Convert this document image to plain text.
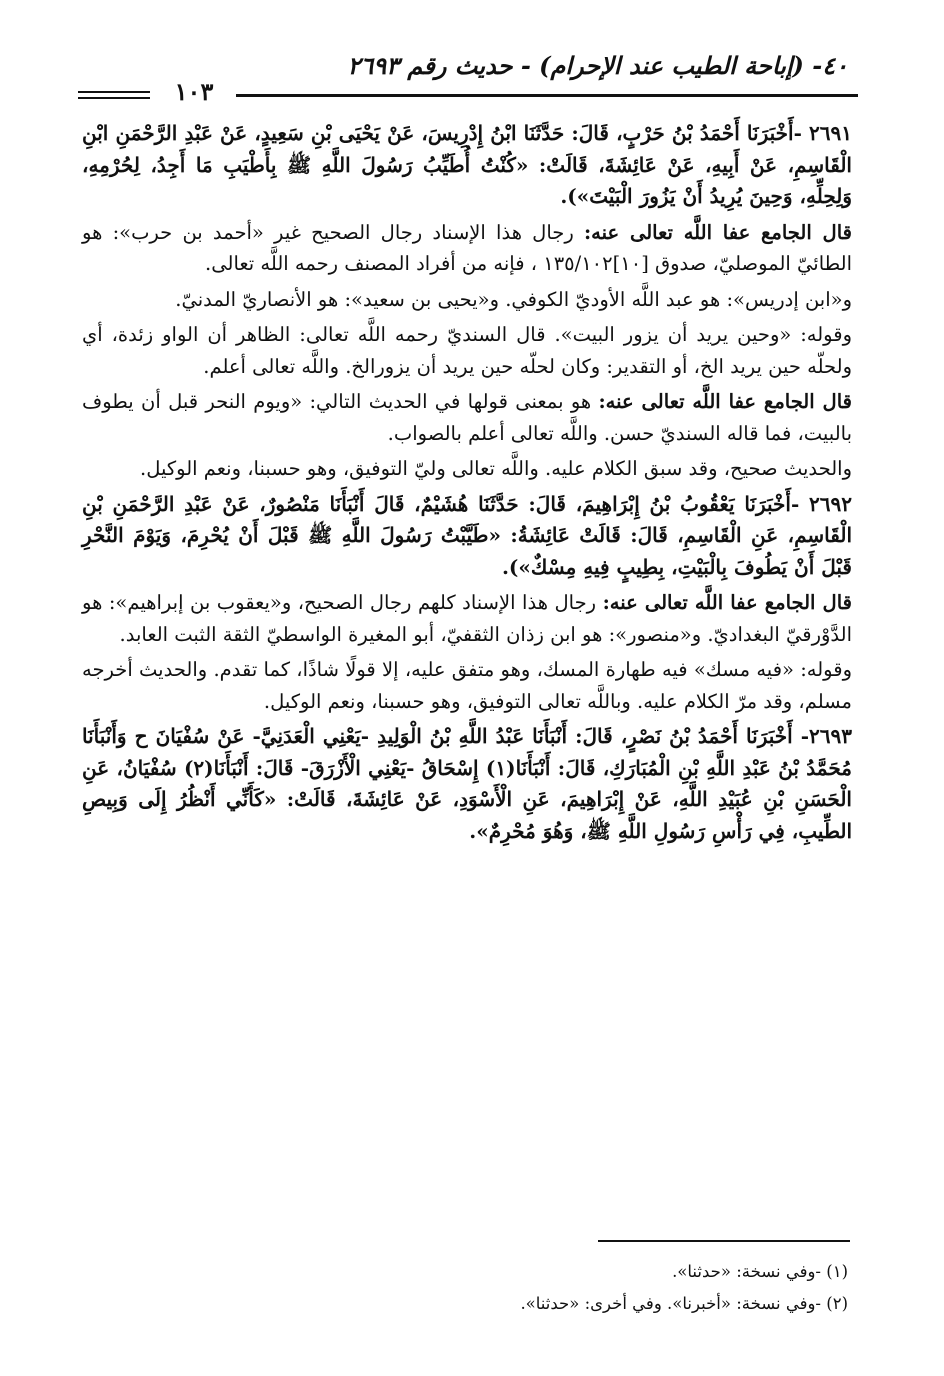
٤٠- (إباحة الطيب عند الإحرام) - حديث رقم ٢٦٩٣
١٠٣

٢٦٩١ -أَخْبَرَنَا أَحْمَدُ بْنُ حَرْبٍ، قَالَ: حَدَّثَنَا ابْنُ إِدْرِيسَ، عَنْ يَحْيَى بْنِ سَعِيدٍ، عَنْ عَبْدِ الرَّحْمَنِ ابْنِ الْقَاسِمِ، عَنْ أَبِيهِ، عَنْ عَائِشَةَ، قَالَتْ: «كُنْتُ أُطَيِّبُ رَسُولَ اللَّهِ ﷺ بِأَطْيَبِ مَا أَجِدُ، لِحُرْمِهِ، وَلِحِلِّهِ، وَحِينَ يُرِيدُ أَنْ يَزُورَ الْبَيْتَ»).

قال الجامع عفا اللَّه تعالى عنه: رجال هذا الإسناد رجال الصحيح غير «أحمد بن حرب»: هو الطائيّ الموصليّ، صدوق [١٠]١٣٥/١٠٢ ، فإنه من أفراد المصنف رحمه اللَّه تعالى.

و«ابن إدريس»: هو عبد اللَّه الأوديّ الكوفي. و«يحيى بن سعيد»: هو الأنصاريّ المدنيّ.

وقوله: «وحين يريد أن يزور البيت». قال السنديّ رحمه اللَّه تعالى: الظاهر أن الواو زئدة، أي ولحلّه حين يريد الخ، أو التقدير: وكان لحلّه حين يريد أن يزورالخ. واللَّه تعالى أعلم.

قال الجامع عفا اللَّه تعالى عنه: هو بمعنى قولها في الحديث التالي: «ويوم النحر قبل أن يطوف بالبيت، فما قاله السنديّ حسن. واللَّه تعالى أعلم بالصواب.

والحديث صحيح، وقد سبق الكلام عليه. واللَّه تعالى وليّ التوفيق، وهو حسبنا، ونعم الوكيل.

٢٦٩٢ -أَخْبَرَنَا يَعْقُوبُ بْنُ إِبْرَاهِيمَ، قَالَ: حَدَّثَنَا هُشَيْمٌ، قَالَ أَنْبَأَنَا مَنْصُورٌ، عَنْ عَبْدِ الرَّحْمَنِ بْنِ الْقَاسِمِ، عَنِ الْقَاسِمِ، قَالَ: قَالَتْ عَائِشَةُ: «طَيَّبْتُ رَسُولَ اللَّهِ ﷺ قَبْلَ أَنْ يُحْرِمَ، وَيَوْمَ النَّحْرِ قَبْلَ أَنْ يَطُوفَ بِالْبَيْتِ، بِطِيبٍ فِيهِ مِسْكٌ»).

قال الجامع عفا اللَّه تعالى عنه: رجال هذا الإسناد كلهم رجال الصحيح، و«يعقوب بن إبراهيم»: هو الدَّوْرقيّ البغداديّ. و«منصور»: هو ابن زذان الثقفيّ، أبو المغيرة الواسطيّ الثقة الثبت العابد.

وقوله: «فيه مسك» فيه طهارة المسك، وهو متفق عليه، إلا قولًا شاذًا، كما تقدم. والحديث أخرجه مسلم، وقد مرّ الكلام عليه. وباللَّه تعالى التوفيق، وهو حسبنا، ونعم الوكيل.

٢٦٩٣- أَخْبَرَنَا أَحْمَدُ بْنُ نَصْرٍ، قَالَ: أَنْبَأَنَا عَبْدُ اللَّهِ بْنُ الْوَلِيدِ -يَعْنِي الْعَدَنِيَّ- عَنْ سُفْيَانَ ح وَأَنْبَأَنَا مُحَمَّدُ بْنُ عَبْدِ اللَّهِ بْنِ الْمُبَارَكِ، قَالَ: أَنْبَأَنَا(١) إِسْحَاقُ -يَعْنِي الْأَزْرَقَ- قَالَ: أَنْبَأَنَا(٢) سُفْيَانُ، عَنِ الْحَسَنِ بْنِ عُبَيْدِ اللَّهِ، عَنْ إِبْرَاهِيمَ، عَنِ الْأَسْوَدِ، عَنْ عَائِشَةَ، قَالَتْ: «كَأَنِّي أَنْظُرُ إِلَى وَبِيصِ الطِّيبِ، فِي رَأْسِ رَسُولِ اللَّهِ ﷺ، وَهُوَ مُحْرِمٌ».

(١) -وفي نسخة: «حدثنا».
(٢) -وفي نسخة: «أخبرنا». وفي أخرى: «حدثنا».
